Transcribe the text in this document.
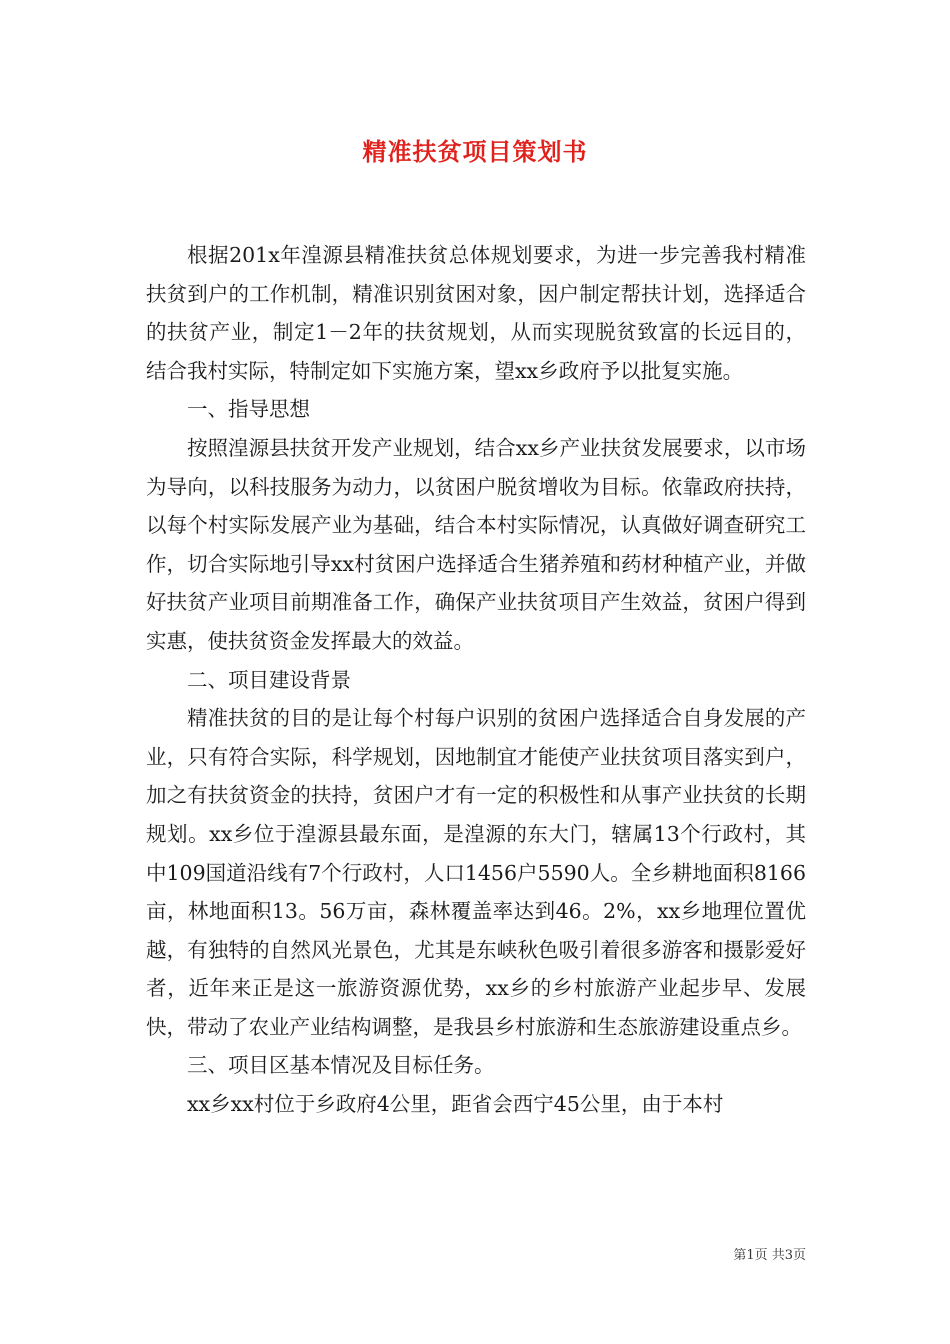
精准扶贫项目策划书

根据201x年湟源县精准扶贫总体规划要求，为进一步完善我村精准扶贫到户的工作机制，精准识别贫困对象，因户制定帮扶计划，选择适合的扶贫产业，制定1－2年的扶贫规划，从而实现脱贫致富的长远目的，结合我村实际，特制定如下实施方案，望xx乡政府予以批复实施。

一、指导思想

按照湟源县扶贫开发产业规划，结合xx乡产业扶贫发展要求，以市场为导向，以科技服务为动力，以贫困户脱贫增收为目标。依靠政府扶持，以每个村实际发展产业为基础，结合本村实际情况，认真做好调查研究工作，切合实际地引导xx村贫困户选择适合生猪养殖和药材种植产业，并做好扶贫产业项目前期准备工作，确保产业扶贫项目产生效益，贫困户得到实惠，使扶贫资金发挥最大的效益。

二、项目建设背景

精准扶贫的目的是让每个村每户识别的贫困户选择适合自身发展的产业，只有符合实际，科学规划，因地制宜才能使产业扶贫项目落实到户，加之有扶贫资金的扶持，贫困户才有一定的积极性和从事产业扶贫的长期规划。xx乡位于湟源县最东面，是湟源的东大门，辖属13个行政村，其中109国道沿线有7个行政村，人口1456户5590人。全乡耕地面积8166亩，林地面积13。56万亩，森林覆盖率达到46。2%，xx乡地理位置优越，有独特的自然风光景色，尤其是东峡秋色吸引着很多游客和摄影爱好者，近年来正是这一旅游资源优势，xx乡的乡村旅游产业起步早、发展快，带动了农业产业结构调整，是我县乡村旅游和生态旅游建设重点乡。

三、项目区基本情况及目标任务。

xx乡xx村位于乡政府4公里，距省会西宁45公里，由于本村

第1页 共3页
